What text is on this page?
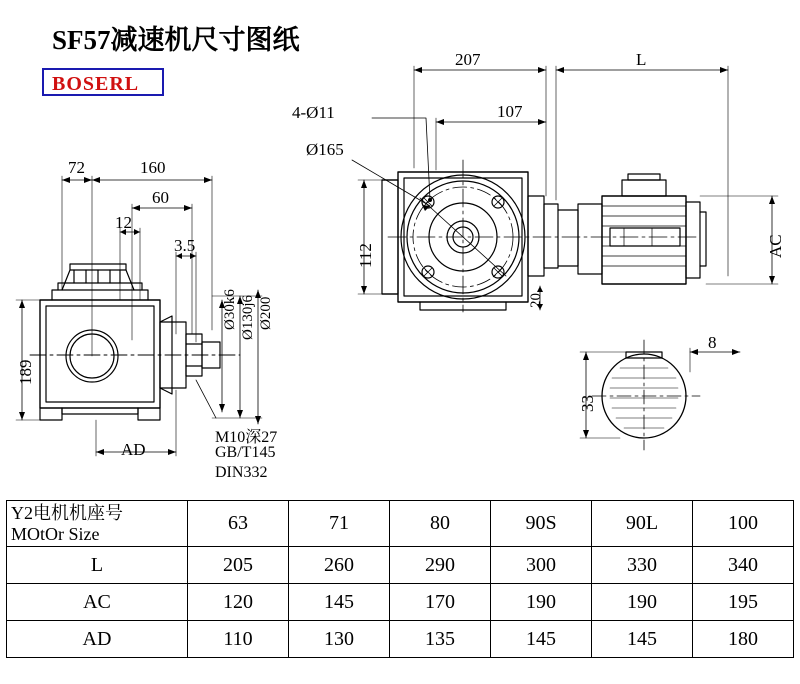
SF57减速机尺寸图纸
BOSERL
207	L
4-Ø11	107
Ø165
112
20
AC
72	160
60
12
3.5
189
Ø30k6 Ø130j6 Ø200
AD
8
33
M10深27
GB/T145
DIN332
Y2电机机座号
MOtOr Size	63	71	80	90S	90L	100
L	205	260	290	300	330	340
AC	120	145	170	190	190	195
AD	110	130	135	145	145	180
